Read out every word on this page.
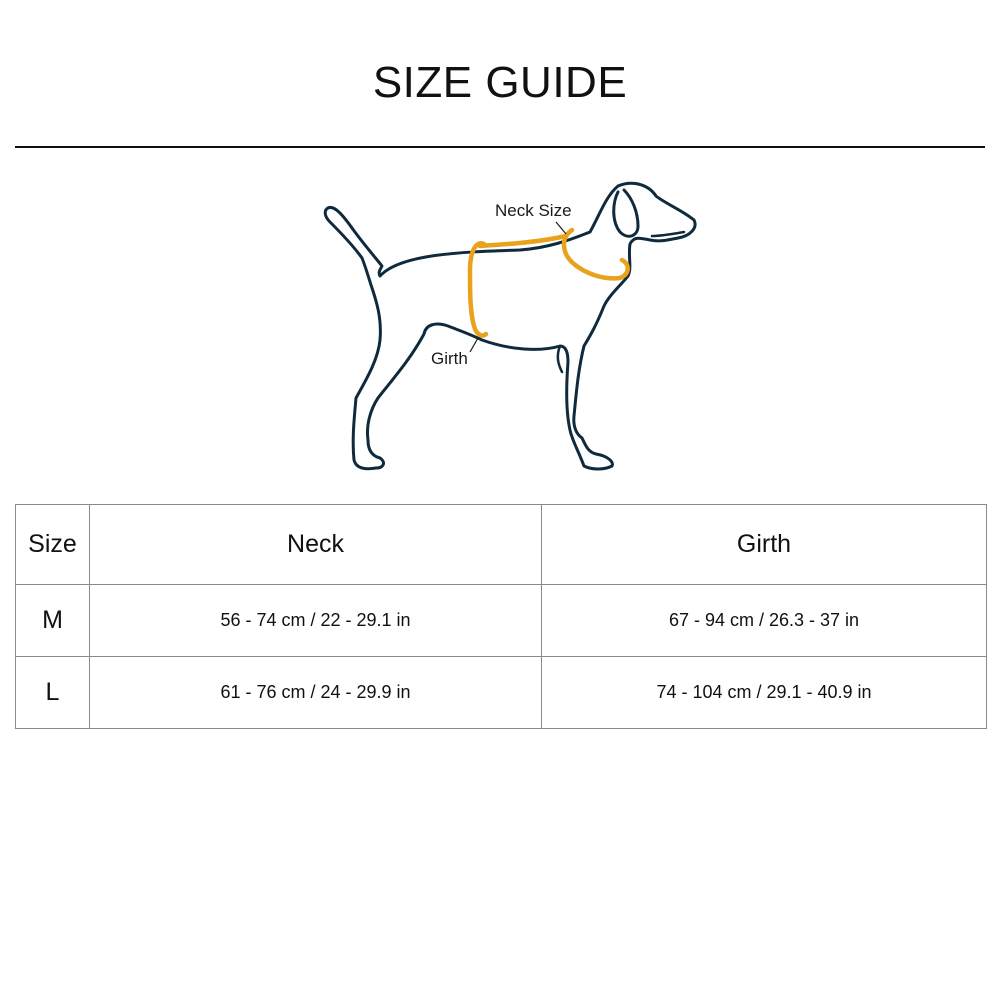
SIZE GUIDE
Neck Size
Girth
Size	Neck	Girth
M	56 - 74 cm / 22 - 29.1 in	67 - 94 cm / 26.3 - 37 in
L	61 - 76 cm / 24 - 29.9 in	74 - 104 cm / 29.1 - 40.9 in
